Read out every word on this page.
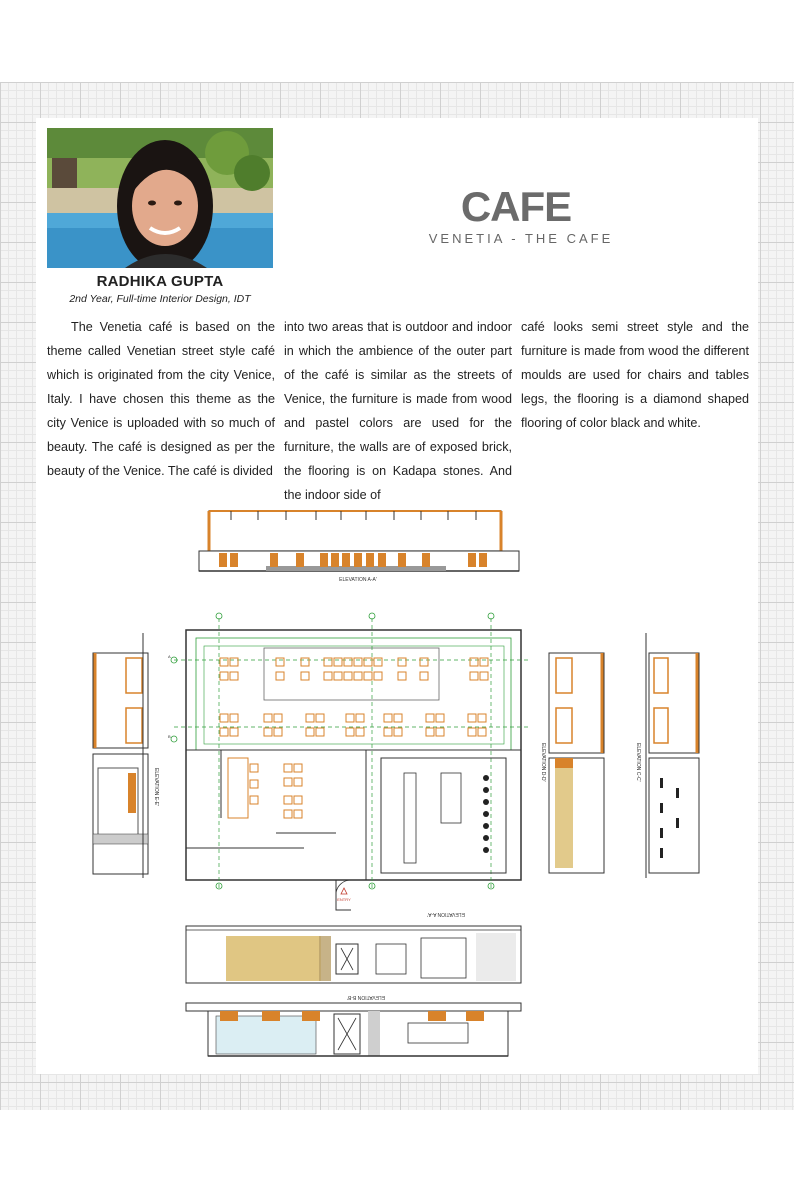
RADHIKA GUPTA
2nd Year, Full-time Interior Design, IDT
CAFE
VENETIA - THE CAFE
The Venetia café is based on the theme called Venetian street style café which is originated from the city Venice, Italy. I have chosen this theme as the city Venice is uploaded with so much of beauty. The café is designed as per the beauty of the Venice. The café is divided
into two areas that is outdoor and indoor in which the ambience of the outer part of the café is similar as the streets of Venice, the furniture is made from wood and pastel colors are used for the furniture, the walls are of exposed brick, the flooring is on Kadapa stones. And the indoor side of
café looks semi street style and the furniture is made from wood the different moulds are used for chairs and tables legs, the flooring is a diamond shaped flooring of color black and white.
ELEVATION A-A'
ELEVATION E-E'
A
B
ENTRY
ELEVATION A-A'
ELEVATION D-D'	ELEVATION C-C'
ELEVATION B-B'
